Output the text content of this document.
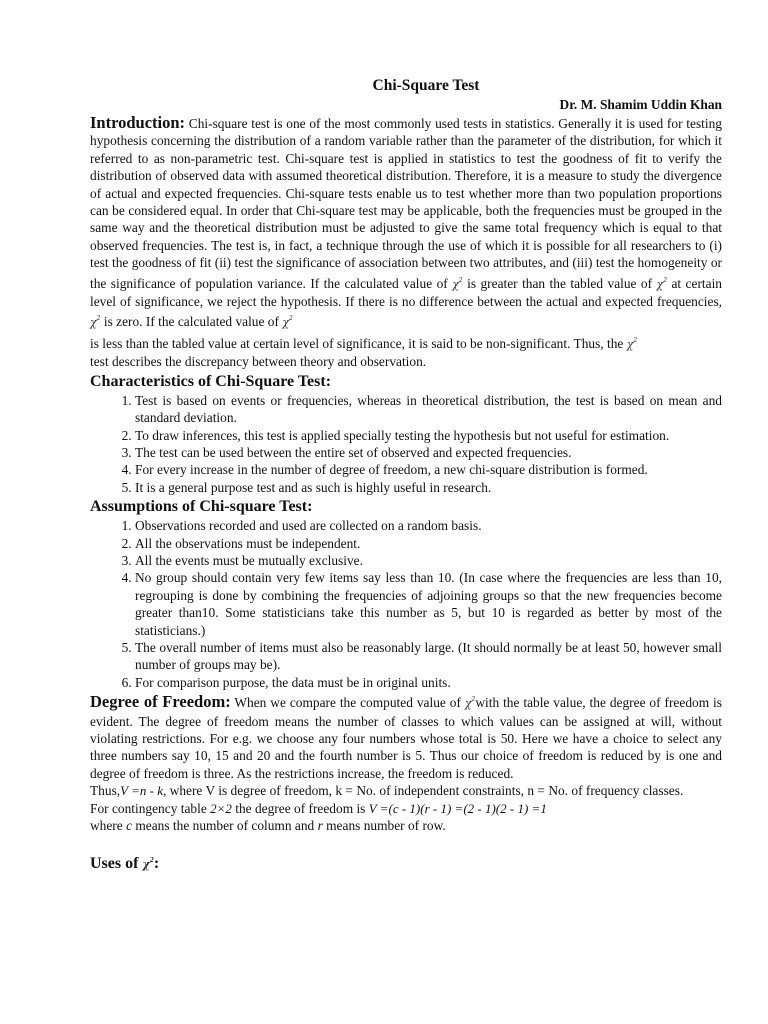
Chi-Square Test

Dr. M. Shamim Uddin Khan

Introduction: Chi-square test is one of the most commonly used tests in statistics. Generally it is used for testing hypothesis concerning the distribution of a random variable rather than the parameter of the distribution, for which it referred to as non-parametric test. Chi-square test is applied in statistics to test the goodness of fit to verify the distribution of observed data with assumed theoretical distribution. Therefore, it is a measure to study the divergence of actual and expected frequencies. Chi-square tests enable us to test whether more than two population proportions can be considered equal. In order that Chi-square test may be applicable, both the frequencies must be grouped in the same way and the theoretical distribution must be adjusted to give the same total frequency which is equal to that observed frequencies. The test is, in fact, a technique through the use of which it is possible for all researchers to (i) test the goodness of fit (ii) test the significance of association between two attributes, and (iii) test the homogeneity or the significance of population variance. If the calculated value of $\chi^2$ is greater than the tabled value of $\chi^2$ at certain level of significance, we reject the hypothesis. If there is no difference between the actual and expected frequencies, $\chi^2$ is zero. If the calculated value of $\chi^2$

is less than the tabled value at certain level of significance, it is said to be non-significant. Thus, the $\chi^2$

test describes the discrepancy between theory and observation.

Characteristics of Chi-Square Test:
1. Test is based on events or frequencies, whereas in theoretical distribution, the test is based on mean and standard deviation.
2. To draw inferences, this test is applied specially testing the hypothesis but not useful for estimation.
3. The test can be used between the entire set of observed and expected frequencies.
4. For every increase in the number of degree of freedom, a new chi-square distribution is formed.
5. It is a general purpose test and as such is highly useful in research.
Assumptions of Chi-square Test:
1. Observations recorded and used are collected on a random basis.
2. All the observations must be independent.
3. All the events must be mutually exclusive.
4. No group should contain very few items say less than 10. (In case where the frequencies are less than 10, regrouping is done by combining the frequencies of adjoining groups so that the new frequencies become greater than10. Some statisticians take this number as 5, but 10 is regarded as better by most of the statisticians.)
5. The overall number of items must also be reasonably large. (It should normally be at least 50, however small number of groups may be).
6. For comparison purpose, the data must be in original units.

Degree of Freedom: When we compare the computed value of $\chi^2with$ the table value, the degree of freedom is evident. The degree of freedom means the number of classes to which values can be assigned at will, without violating restrictions. For e.g. we choose any four numbers whose total is 50. Here we have a choice to select any three numbers say 10, 15 and 20 and the fourth number is 5. Thus our choice of freedom is reduced by is one and degree of freedom is three. As the restrictions increase, the freedom is reduced.

Thus,V =n - k, where V is degree of freedom, k = No. of independent constraints, n = No. of frequency classes.

For contingency table 2×2 the degree of freedom is V =(c - 1)(r - 1) =(2 - 1)(2 - 1) =1

where c means the number of column and r means number of row.

Uses of $\chi^2$:
